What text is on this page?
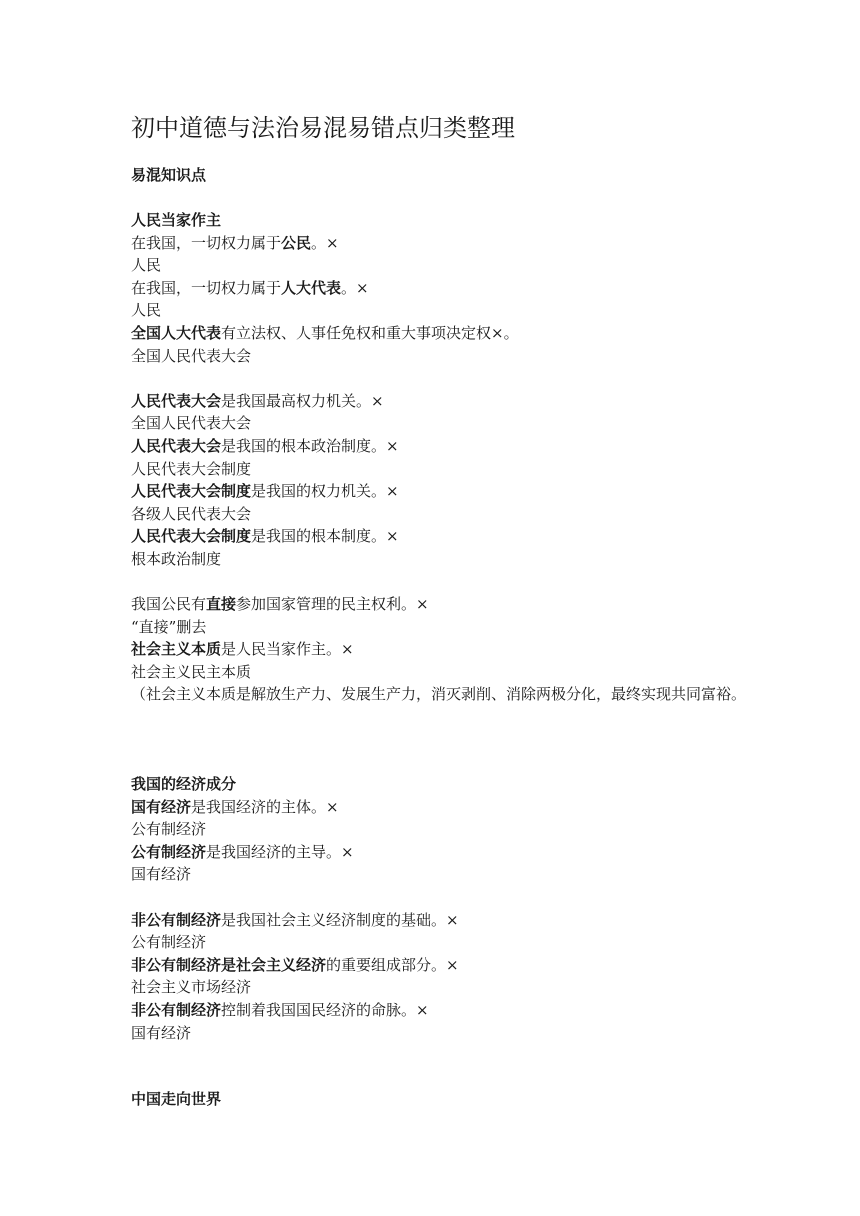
初中道德与法治易混易错点归类整理
易混知识点
人民当家作主
在我国，一切权力属于公民。×
人民
在我国，一切权力属于人大代表。×
人民
全国人大代表有立法权、人事任免权和重大事项决定权×。
全国人民代表大会
人民代表大会是我国最高权力机关。×
全国人民代表大会
人民代表大会是我国的根本政治制度。×
人民代表大会制度
人民代表大会制度是我国的权力机关。×
各级人民代表大会
人民代表大会制度是我国的根本制度。×
根本政治制度
我国公民有直接参加国家管理的民主权利。×
“直接”删去
社会主义本质是人民当家作主。×
社会主义民主本质
（社会主义本质是解放生产力、发展生产力，消灭剥削、消除两极分化，最终实现共同富裕。
我国的经济成分
国有经济是我国经济的主体。×
公有制经济
公有制经济是我国经济的主导。×
国有经济
非公有制经济是我国社会主义经济制度的基础。×
公有制经济
非公有制经济是社会主义经济的重要组成部分。×
社会主义市场经济
非公有制经济控制着我国国民经济的命脉。×
国有经济
中国走向世界
